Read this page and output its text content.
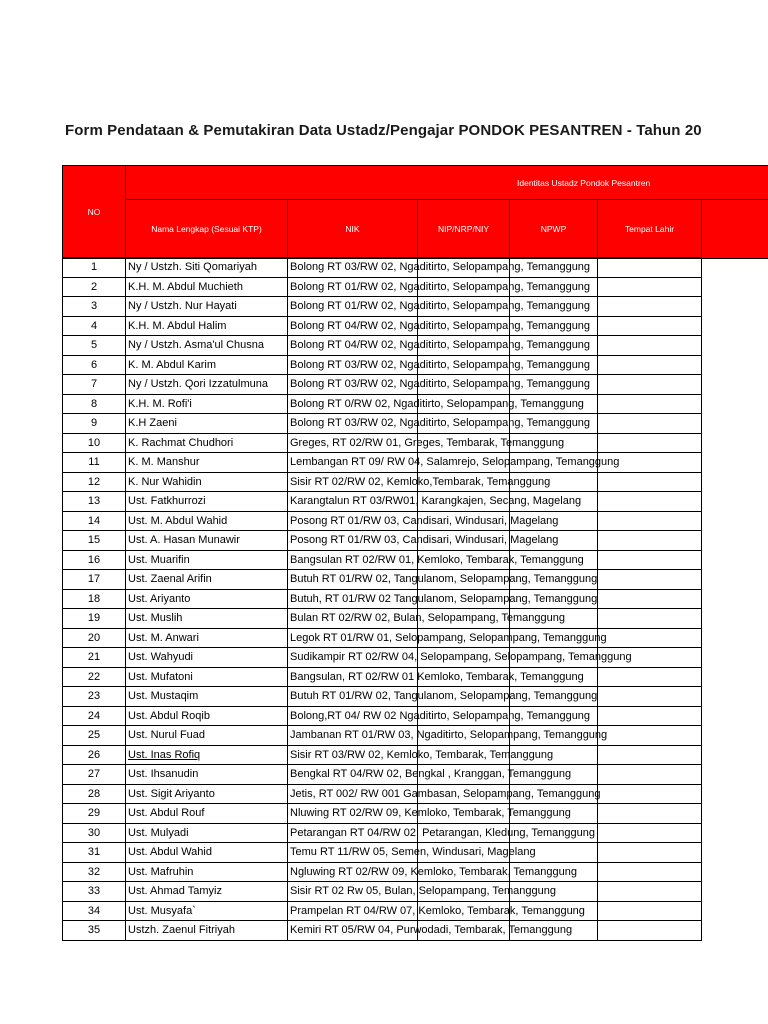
Form Pendataan & Pemutakiran Data Ustadz/Pengajar PONDOK PESANTREN - Tahun 20
NO
Identitas Ustadz Pondok Pesantren
Nama Lengkap (Sesuai KTP)	NIK	NIP/NRP/NIY	NPWP	Tempat Lahir
1	Ny / Ustzh. Siti Qomariyah	Bolong RT 03/RW 02, Ngaditirto, Selopampang, Temanggung			

2	K.H. M. Abdul Muchieth	Bolong RT 01/RW 02, Ngaditirto, Selopampang, Temanggung			

3	Ny / Ustzh. Nur Hayati	Bolong RT 01/RW 02, Ngaditirto, Selopampang, Temanggung			

4	K.H. M. Abdul Halim	Bolong RT 04/RW 02, Ngaditirto, Selopampang, Temanggung			

5	Ny / Ustzh. Asma'ul Chusna	Bolong RT 04/RW 02, Ngaditirto, Selopampang, Temanggung			

6	K. M. Abdul Karim	Bolong RT 03/RW 02, Ngaditirto, Selopampang, Temanggung			

7	Ny / Ustzh. Qori Izzatulmuna	Bolong RT 03/RW 02, Ngaditirto, Selopampang, Temanggung			

8	K.H. M. Rofi'i	Bolong RT 0/RW 02, Ngaditirto, Selopampang, Temanggung			

9	K.H Zaeni	Bolong RT 03/RW 02, Ngaditirto, Selopampang, Temanggung			

10	K. Rachmat Chudhori	Greges, RT 02/RW 01, Greges, Tembarak, Temanggung			

11	K. M. Manshur	Lembangan RT 09/ RW 04, Salamrejo, Selopampang, Temanggung			

12	K. Nur Wahidin	Sisir RT 02/RW 02, Kemloko,Tembarak, Temanggung			

13	Ust. Fatkhurrozi	Karangtalun RT 03/RW01, Karangkajen, Secang, Magelang			

14	Ust. M. Abdul Wahid	Posong RT 01/RW 03, Candisari, Windusari, Magelang			

15	Ust. A. Hasan Munawir	Posong RT 01/RW 03, Candisari, Windusari, Magelang			

16	Ust. Muarifin	Bangsulan RT 02/RW 01, Kemloko, Tembarak, Temanggung			

17	Ust. Zaenal Arifin	Butuh RT 01/RW 02, Tangulanom, Selopampang, Temanggung			

18	Ust. Ariyanto	Butuh, RT 01/RW 02 Tangulanom, Selopampang, Temanggung			

19	Ust. Muslih	Bulan RT 02/RW 02, Bulan, Selopampang, Temanggung			

20	Ust. M. Anwari	Legok RT 01/RW 01, Selopampang, Selopampang, Temanggung			

21	Ust. Wahyudi	Sudikampir RT 02/RW 04, Selopampang, Selopampang, Temanggung			

22	Ust. Mufatoni	Bangsulan, RT 02/RW 01 Kemloko, Tembarak, Temanggung			

23	Ust. Mustaqim	Butuh RT 01/RW 02, Tangulanom, Selopampang, Temanggung			

24	Ust. Abdul Roqib	Bolong,RT 04/ RW 02 Ngaditirto, Selopampang, Temanggung			

25	Ust. Nurul Fuad	Jambanan RT 01/RW 03, Ngaditirto, Selopampang, Temanggung			

26	Ust. Inas Rofiq	Sisir RT 03/RW 02, Kemloko, Tembarak, Temanggung			

27	Ust. Ihsanudin	Bengkal RT 04/RW 02, Bengkal , Kranggan, Temanggung			

28	Ust. Sigit Ariyanto	Jetis, RT 002/ RW 001 Gambasan, Selopampang, Temanggung			

29	Ust. Abdul Rouf	Nluwing RT 02/RW 09, Kemloko, Tembarak, Temanggung			

30	Ust. Mulyadi	Petarangan RT 04/RW 02, Petarangan, Kledung, Temanggung			

31	Ust. Abdul Wahid	Temu RT 11/RW 05, Semen, Windusari, Magelang			

32	Ust. Mafruhin	Ngluwing RT 02/RW 09, Kemloko, Tembarak, Temanggung			

33	Ust. Ahmad Tamyiz	Sisir RT 02 Rw 05, Bulan, Selopampang, Temanggung			

34	Ust. Musyafa`	Prampelan RT 04/RW 07, Kemloko, Tembarak, Temanggung			

35	Ustzh. Zaenul Fitriyah	Kemiri RT 05/RW 04, Purwodadi, Tembarak, Temanggung			
